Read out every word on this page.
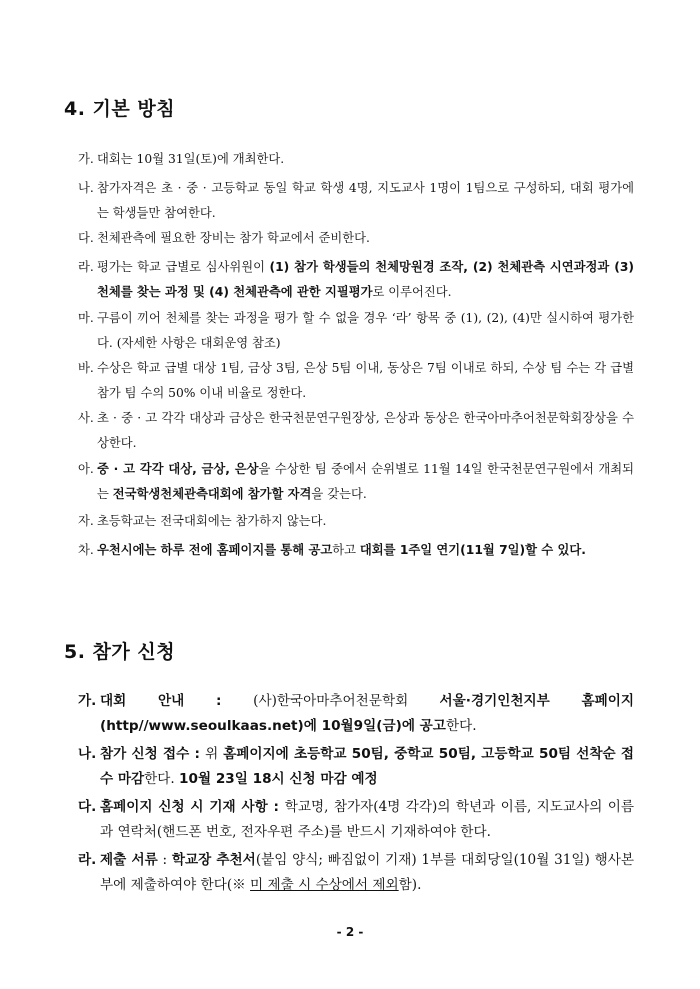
4. 기본 방침
가. 대회는 10월 31일(토)에 개최한다.
나. 참가자격은 초 · 중 · 고등학교 동일 학교 학생 4명, 지도교사 1명이 1팀으로 구성하되, 대회 평가에는 학생들만 참여한다.
다. 천체관측에 필요한 장비는 참가 학교에서 준비한다.
라. 평가는 학교 급별로 심사위원이 (1) 참가 학생들의 천체망원경 조작, (2) 천체관측 시연과정과 (3) 천체를 찾는 과정 및 (4) 천체관측에 관한 지필평가로 이루어진다.
마. 구름이 끼어 천체를 찾는 과정을 평가 할 수 없을 경우 ‘라’ 항목 중 (1), (2), (4)만 실시하여 평가한다. (자세한 사항은 대회운영 참조)
바. 수상은 학교 급별 대상 1팀, 금상 3팀, 은상 5팀 이내, 동상은 7팀 이내로 하되, 수상 팀 수는 각 급별 참가 팀 수의 50% 이내 비율로 정한다.
사. 초 · 중 · 고 각각 대상과 금상은 한국천문연구원장상, 은상과 동상은 한국아마추어천문학회장상을 수상한다.
아. 중 · 고 각각 대상, 금상, 은상을 수상한 팀 중에서 순위별로 11월 14일 한국천문연구원에서 개최되는 전국학생천체관측대회에 참가할 자격을 갖는다.
자. 초등학교는 전국대회에는 참가하지 않는다.
차. 우천시에는 하루 전에 홈페이지를 통해 공고하고 대회를 1주일 연기(11월 7일)할 수 있다.
5. 참가 신청
가. 대회 안내 : (사)한국아마추어천문학회 서울·경기인천지부 홈페이지(http//www.seoulkaas.net)에 10월9일(금)에 공고한다.
나. 참가 신청 접수 : 위 홈페이지에 초등학교 50팀, 중학교 50팀, 고등학교 50팀 선착순 접수 마감한다. 10월 23일 18시 신청 마감 예정
다. 홈페이지 신청 시 기재 사항 : 학교명, 참가자(4명 각각)의 학년과 이름, 지도교사의 이름과 연락처(핸드폰 번호, 전자우편 주소)를 반드시 기재하여야 한다.
라. 제출 서류 : 학교장 추천서(붙임 양식; 빠짐없이 기재) 1부를 대회당일(10월 31일) 행사본부에 제출하여야 한다(※ 미 제출 시 수상에서 제외함).
- 2 -
